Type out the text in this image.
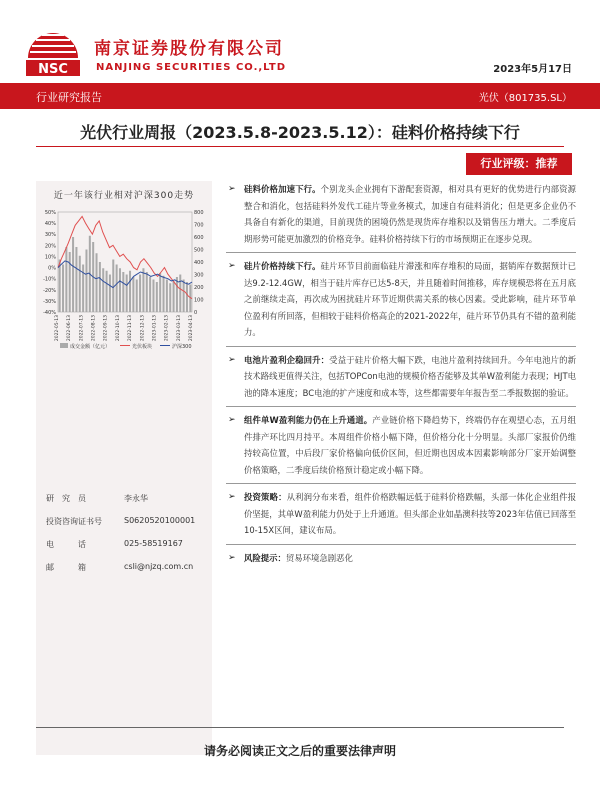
NSC
南京证券股份有限公司
NANJING SECURITIES CO.,LTD	2023年5月17日
行业研究报告	光伏（801735.SL）
光伏行业周报（2023.5.8-2023.5.12）：硅料价格持续下行
行业评级：推荐
近一年该行业相对沪深300走势
50%
40%
30%
20%
10%
0%
-10%
-20%
-30%
-40%
800
700
600
500
400
300
200
100
0
2022-05-13 2022-06-13 2022-07-13 2022-08-13 2022-09-13 2022-10-13 2022-11-13 2022-12-13 2023-01-13 2023-02-13 2023-03-13 2023-04-13
成交金额（亿元）	光伏板块	沪深300
研　究　员	李永华
投资咨询证书号	S0620520100001
电　　　话	025-58519167
邮　　　箱	csli@njzq.com.cn

➢ 硅料价格加速下行。个别龙头企业拥有下游配套资源，相对具有更好的优势进行内部资源整合和消化，包括硅料外发代工硅片等业务模式，加速自有硅料消化；但是更多企业仍不具备自有新化的渠道，目前现货的困境仍然是现货库存堆积以及销售压力增大。二季度后期形势可能更加激烈的价格竞争。硅料价格持续下行的市场预期正在逐步兑现。

➢ 硅片价格持续下行。硅片环节目前面临硅片滞涨和库存堆积的局面，据销库存数据预计已达9.2-12.4GW，相当于硅片库存已达5-8天，并且随着时间推移，库存规模恐将在五月底之前继续走高，再次成为困扰硅片环节近期供需关系的核心因素。受此影响，硅片环节单位盈利有所回落，但相较于硅料价格高企的2021-2022年，硅片环节仍具有不错的盈利能力。

➢ 电池片盈利企稳回升：受益于硅片价格大幅下跌，电池片盈利持续回升。今年电池片的新技术路线更值得关注，包括TOPCon电池的规模价格否能够及其单W盈利能力表现；HJT电池的降本速度；BC电池的扩产速度和成本等，这些都需要年年报告至二季报数据的验证。

➢ 组件单W盈利能力仍在上升通道。产业链价格下降趋势下，终端仍存在观望心态，五月组件排产环比四月持平。本周组件价格小幅下降，但价格分化十分明显。头部厂家报价仍维持较高位置，中后段厂家价格偏向低价区间，但近期也因成本因素影响部分厂家开始调整价格策略，二季度后续价格预计稳定或小幅下降。

➢ 投资策略：从利润分布来看，组件价格跌幅远低于硅料价格跌幅，头部一体化企业组件报价坚挺，其单W盈利能力仍处于上升通道。但头部企业如晶澳科技等2023年估值已回落至10-15X区间，建议布局。

➢ 风险提示：贸易环境急剧恶化

请务必阅读正文之后的重要法律声明
